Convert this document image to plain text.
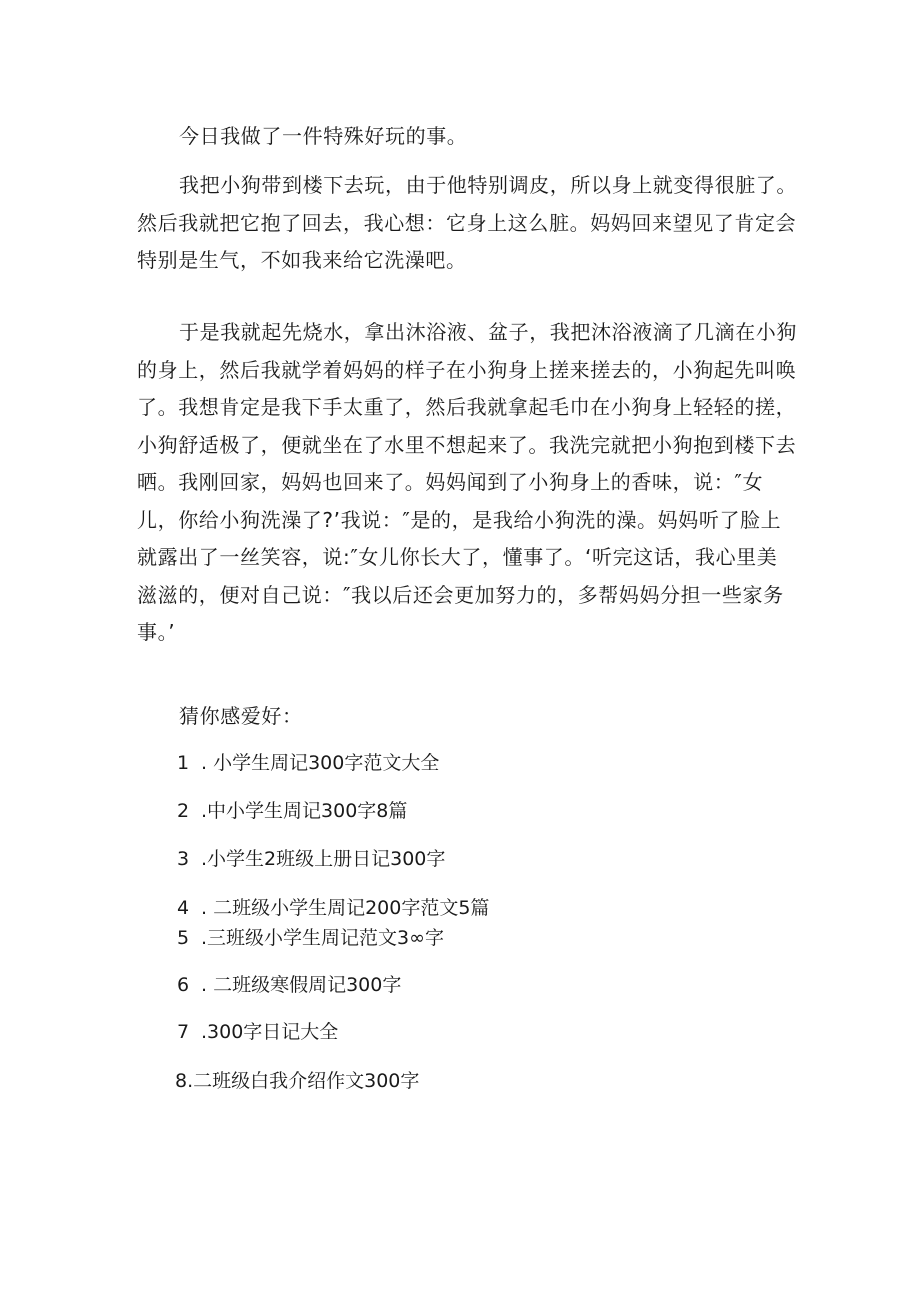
今日我做了一件特殊好玩的事。

我把小狗带到楼下去玩，由于他特别调皮，所以身上就变得很脏了。然后我就把它抱了回去，我心想：它身上这么脏。妈妈回来望见了肯定会特别是生气，不如我来给它洗澡吧。

于是我就起先烧水，拿出沐浴液、盆子，我把沐浴液滴了几滴在小狗的身上，然后我就学着妈妈的样子在小狗身上搓来搓去的，小狗起先叫唤了。我想肯定是我下手太重了，然后我就拿起毛巾在小狗身上轻轻的搓，小狗舒适极了，便就坐在了水里不想起来了。我洗完就把小狗抱到楼下去晒。我刚回家，妈妈也回来了。妈妈闻到了小狗身上的香味，说：″女儿，你给小狗洗澡了?’我说：″是的，是我给小狗洗的澡。妈妈听了脸上就露出了一丝笑容，说:″女儿你长大了，懂事了。‘听完这话，我心里美滋滋的，便对自己说：″我以后还会更加努力的，多帮妈妈分担一些家务事。’

猜你感爱好：

1 . 小学生周记300字范文大全

2 .中小学生周记300字8篇

3 .小学生2班级上册日记300字

4 . 二班级小学生周记200字范文5篇

5 .三班级小学生周记范文3∞字

6 . 二班级寒假周记300字

7 .300字日记大全

8.二班级白我介绍作文300字
